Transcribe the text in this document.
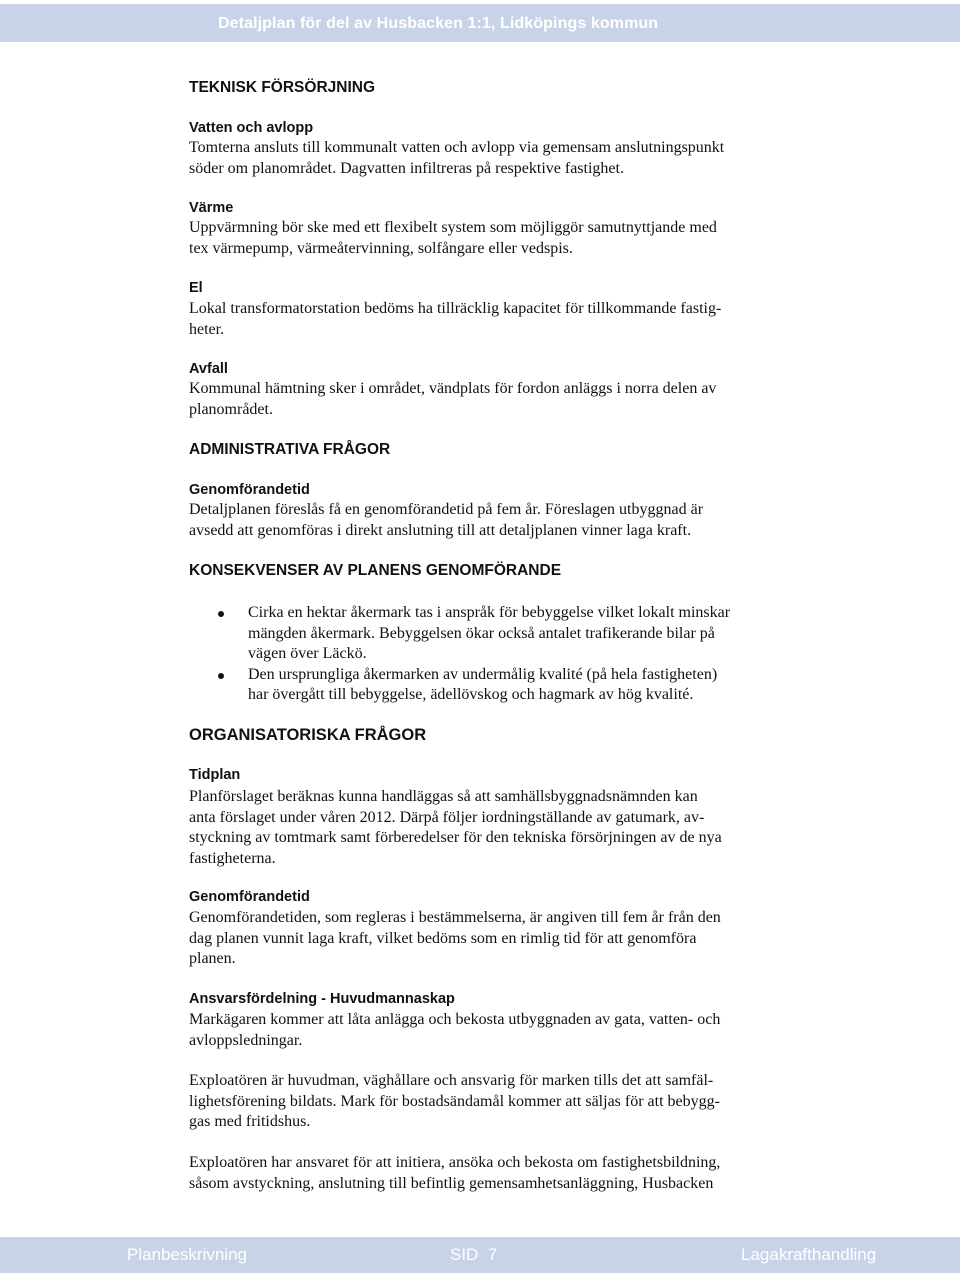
Detaljplan för del av Husbacken 1:1, Lidköpings kommun
TEKNISK FÖRSÖRJNING
Vatten och avlopp
Tomterna ansluts till kommunalt vatten och avlopp via gemensam anslutningspunkt
söder om planområdet. Dagvatten infiltreras på respektive fastighet.
Värme
Uppvärmning bör ske med ett flexibelt system som möjliggör samutnyttjande med
tex värmepump, värmeåtervinning, solfångare eller vedspis.
El
Lokal transformatorstation bedöms ha tillräcklig kapacitet för tillkommande fastig-
heter.
Avfall
Kommunal hämtning sker i området, vändplats för fordon anläggs i norra delen av
planområdet.
ADMINISTRATIVA FRÅGOR
Genomförandetid
Detaljplanen föreslås få en genomförandetid på fem år. Föreslagen utbyggnad är
avsedd att genomföras i direkt anslutning till att detaljplanen vinner laga kraft.
KONSEKVENSER AV PLANENS GENOMFÖRANDE
Cirka en hektar åkermark tas i anspråk för bebyggelse vilket lokalt minskar
mängden åkermark. Bebyggelsen ökar också antalet trafikerande bilar på
vägen över Läckö.
Den ursprungliga åkermarken av undermålig kvalité (på hela fastigheten)
har övergått till bebyggelse, ädellövskog och hagmark av hög kvalité.
ORGANISATORISKA FRÅGOR
Tidplan
Planförslaget beräknas kunna handläggas så att samhällsbyggnadsnämnden kan
anta förslaget under våren 2012. Därpå följer iordningställande av gatumark, av-
styckning av tomtmark samt förberedelser för den tekniska försörjningen av de nya
fastigheterna.
Genomförandetid
Genomförandetiden, som regleras i bestämmelserna, är angiven till fem år från den
dag planen vunnit laga kraft, vilket bedöms som en rimlig tid för att genomföra
planen.
Ansvarsfördelning - Huvudmannaskap
Markägaren kommer att låta anlägga och bekosta utbyggnaden av gata, vatten- och
avloppsledningar.
Exploatören är huvudman, väghållare och ansvarig för marken tills det att samfäl-
lighetsförening bildats. Mark för bostadsändamål kommer att säljas för att bebygg-
gas med fritidshus.
Exploatören har ansvaret för att initiera, ansöka och bekosta om fastighetsbildning,
såsom avstyckning, anslutning till befintlig gemensamhetsanläggning, Husbacken
Planbeskrivning	SID  7	Lagakrafthandling
